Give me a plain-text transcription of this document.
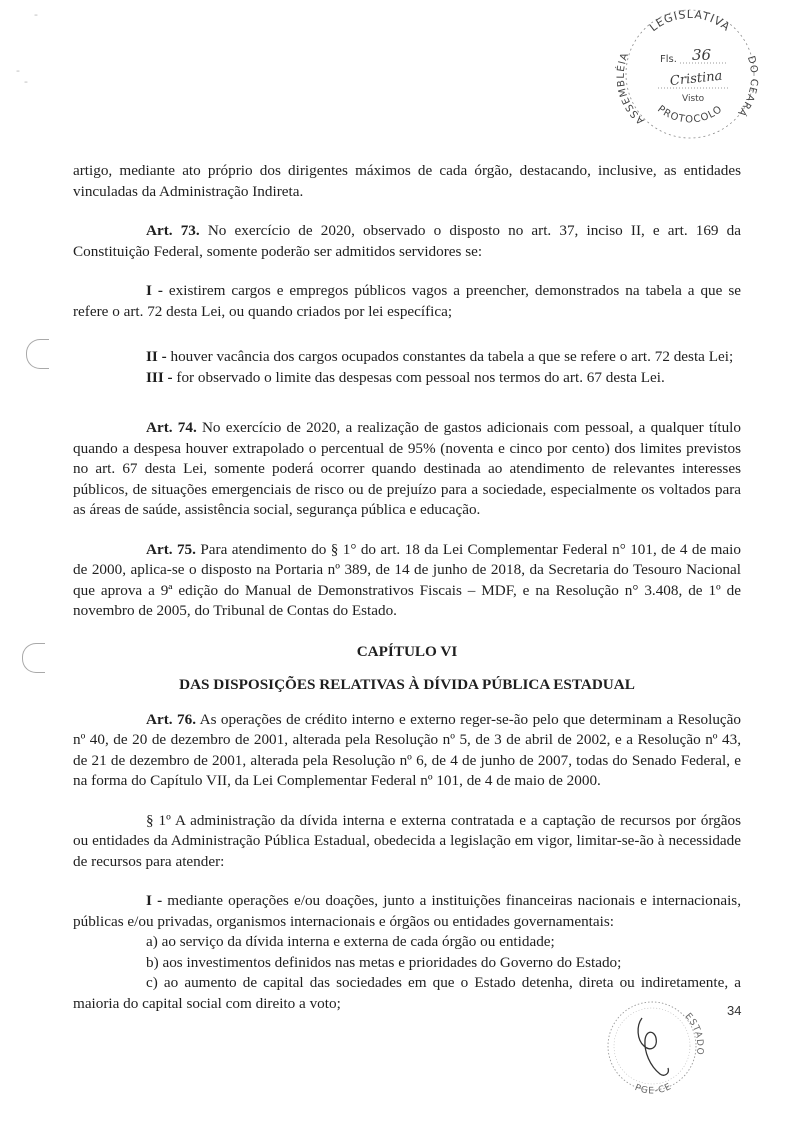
-
-
-
LEGISLATIVA
ASSEMBLÉIA	DO CEARÁ
PROTOCOLO
Fls. 36
Cristina
Visto

artigo, mediante ato próprio dos dirigentes máximos de cada órgão, destacando, inclusive, as entidades vinculadas da Administração Indireta.

Art. 73. No exercício de 2020, observado o disposto no art. 37, inciso II, e art. 169 da Constituição Federal, somente poderão ser admitidos servidores se:

I - existirem cargos e empregos públicos vagos a preencher, demonstrados na tabela a que se refere o art. 72 desta Lei, ou quando criados por lei específica;

II - houver vacância dos cargos ocupados constantes da tabela a que se refere o art. 72 desta Lei;

III - for observado o limite das despesas com pessoal nos termos do art. 67 desta Lei.

Art. 74. No exercício de 2020, a realização de gastos adicionais com pessoal, a qualquer título quando a despesa houver extrapolado o percentual de 95% (noventa e cinco por cento) dos limites previstos no art. 67 desta Lei, somente poderá ocorrer quando destinada ao atendimento de relevantes interesses públicos, de situações emergenciais de risco ou de prejuízo para a sociedade, especialmente os voltados para as áreas de saúde, assistência social, segurança pública e educação.

Art. 75. Para atendimento do § 1° do art. 18 da Lei Complementar Federal n° 101, de 4 de maio de 2000, aplica-se o disposto na Portaria nº 389, de 14 de junho de 2018, da Secretaria do Tesouro Nacional que aprova a 9ª edição do Manual de Demonstrativos Fiscais – MDF, e na Resolução n° 3.408, de 1º de novembro de 2005, do Tribunal de Contas do Estado.

CAPÍTULO VI

DAS DISPOSIÇÕES RELATIVAS À DÍVIDA PÚBLICA ESTADUAL

Art. 76. As operações de crédito interno e externo reger-se-ão pelo que determinam a Resolução nº 40, de 20 de dezembro de 2001, alterada pela Resolução nº 5, de 3 de abril de 2002, e a Resolução nº 43, de 21 de dezembro de 2001, alterada pela Resolução nº 6, de 4 de junho de 2007, todas do Senado Federal, e na forma do Capítulo VII, da Lei Complementar Federal nº 101, de 4 de maio de 2000.

§ 1º A administração da dívida interna e externa contratada e a captação de recursos por órgãos ou entidades da Administração Pública Estadual, obedecida a legislação em vigor, limitar-se-ão à necessidade de recursos para atender:

I - mediante operações e/ou doações, junto a instituições financeiras nacionais e internacionais, públicas e/ou privadas, organismos internacionais e órgãos ou entidades governamentais:

a) ao serviço da dívida interna e externa de cada órgão ou entidade;

b) aos investimentos definidos nas metas e prioridades do Governo do Estado;

c) ao aumento de capital das sociedades em que o Estado detenha, direta ou indiretamente, a maioria do capital social com direito a voto;	34
ESTADO
PGE-CE
